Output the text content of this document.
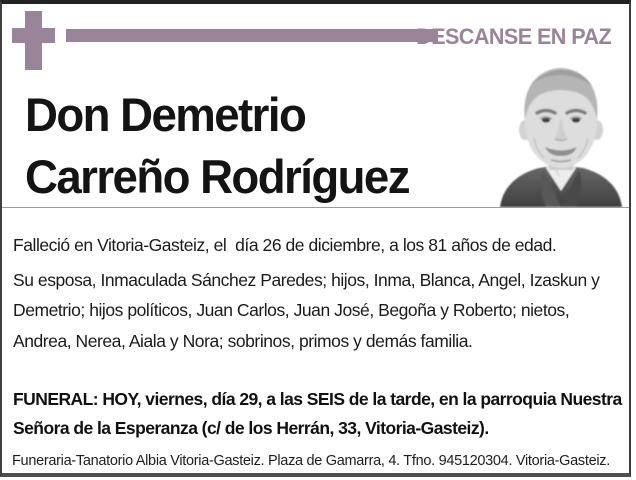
DESCANSE EN PAZ
Don Demetrio
Carreño Rodríguez

Falleció en Vitoria-Gasteiz, el  día 26 de diciembre, a los 81 años de edad.

Su esposa, Inmaculada Sánchez Paredes; hijos, Inma, Blanca, Angel, Izaskun y Demetrio; hijos políticos, Juan Carlos, Juan José, Begoña y Roberto; nietos, Andrea, Nerea, Aiala y Nora; sobrinos, primos y demás familia.

FUNERAL: HOY, viernes, día 29, a las SEIS de la tarde, en la parroquia Nuestra Señora de la Esperanza (c/ de los Herrán, 33, Vitoria-Gasteiz).

Funeraria-Tanatorio Albia Vitoria-Gasteiz. Plaza de Gamarra, 4. Tfno. 945120304. Vitoria-Gasteiz.
